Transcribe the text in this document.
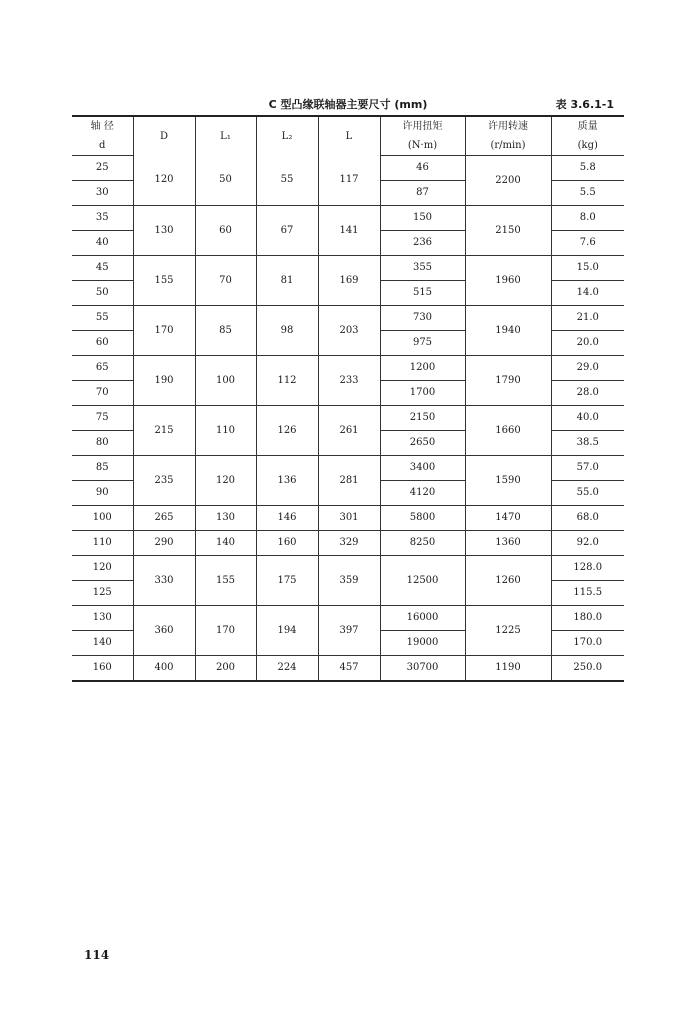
C 型凸缘联轴器主要尺寸 (mm)	表 3.6.1-1
轴 径	D	L₁	L₂	L	许用扭矩	许用转速	质量
d					(N·m)	(r/min)	(kg)
25	120	50	55	117	46	2200	5.8
30					87		5.5
35	130	60	67	141	150	2150	8.0
40					236		7.6
45	155	70	81	169	355	1960	15.0
50					515		14.0
55	170	85	98	203	730	1940	21.0
60					975		20.0
65	190	100	112	233	1200	1790	29.0
70					1700		28.0
75	215	110	126	261	2150	1660	40.0
80					2650		38.5
85	235	120	136	281	3400	1590	57.0
90					4120		55.0
100	265	130	146	301	5800	1470	68.0
110	290	140	160	329	8250	1360	92.0
120	330	155	175	359	12500	1260	128.0
125							115.5
130	360	170	194	397	16000	1225	180.0
140					19000		170.0
160	400	200	224	457	30700	1190	250.0
114
